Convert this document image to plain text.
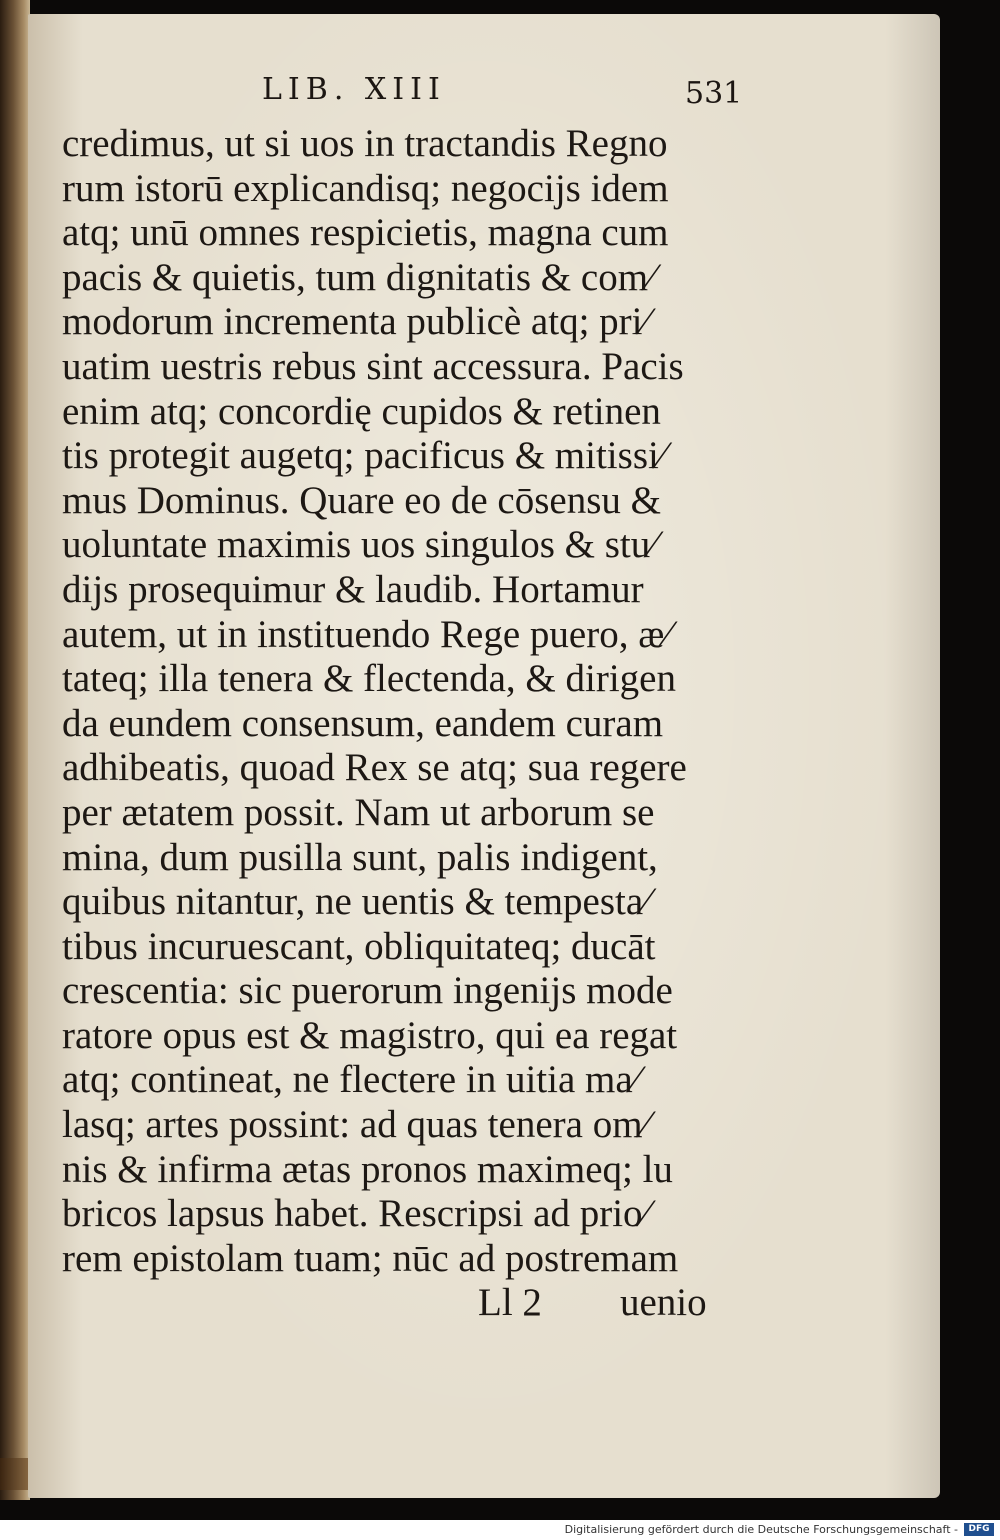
LIB. XIII	531
credimus, ut si uos in tractandis Regno
rum istorū explicandisq; negocijs idem
atq; unū omnes respicietis, magna cum
pacis & quietis, tum dignitatis & com⁄
modorum incrementa publicè atq; pri⁄
uatim uestris rebus sint accessura. Pacis
enim atq; concordię cupidos & retinen
tis protegit augetq; pacificus & mitissi⁄
mus Dominus. Quare eo de cōsensu &
uoluntate maximis uos singulos & stu⁄
dijs prosequimur & laudib. Hortamur
autem, ut in instituendo Rege puero, æ⁄
tateq; illa tenera & flectenda, & dirigen
da eundem consensum, eandem curam
adhibeatis, quoad Rex se atq; sua regere
per ætatem possit. Nam ut arborum se
mina, dum pusilla sunt, palis indigent,
quibus nitantur, ne uentis & tempesta⁄
tibus incuruescant, obliquitateq; ducāt
crescentia: sic puerorum ingenijs mode
ratore opus est & magistro, qui ea regat
atq; contineat, ne flectere in uitia ma⁄
lasq; artes possint: ad quas tenera om⁄
nis & infirma ætas pronos maximeq; lu
bricos lapsus habet. Rescripsi ad prio⁄
rem epistolam tuam; nūc ad postremam
Ll 2 uenio
Digitalisierung gefördert durch die Deutsche Forschungsgemeinschaft -	DFG
